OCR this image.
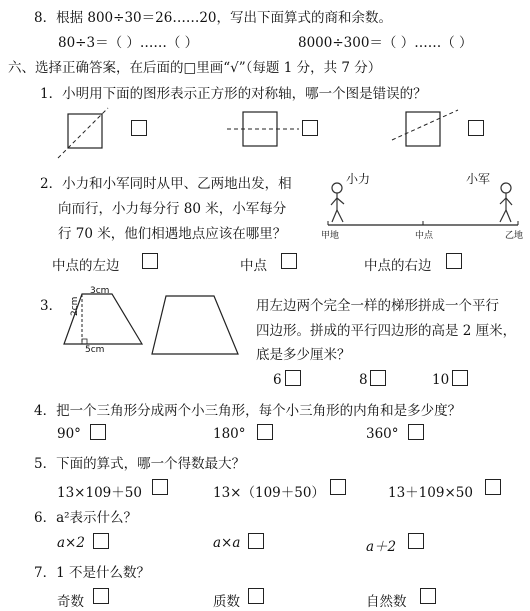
8．根据 800÷30＝26……20，写出下面算式的商和余数。
80÷3＝（ ）……（ ）	8000÷300＝（ ）……（ ）
六、选择正确答案，在后面的□里画“√”（每题 1 分，共 7 分）
1．小明用下面的图形表示正方形的对称轴，哪一个图是错误的？
2．小力和小军同时从甲、乙两地出发，相
向而行，小力每分行 80 米，小军每分
行 70 米，他们相遇地点应该在哪里？
小力	小军
甲地	中点	乙地
中点的左边	中点	中点的右边
3．
3cm
2cm
5cm
用左边两个完全一样的梯形拼成一个平行
四边形。拼成的平行四边形的高是 2 厘米，
底是多少厘米？
6	8	10
4．把一个三角形分成两个小三角形，每个小三角形的内角和是多少度？
90°	180°	360°
5．下面的算式，哪一个得数最大？
13×109＋50	13×（109＋50）	13＋109×50
6．a²表示什么？
a×2	a×a	a＋2
7．1 不是什么数？
奇数	质数	自然数
